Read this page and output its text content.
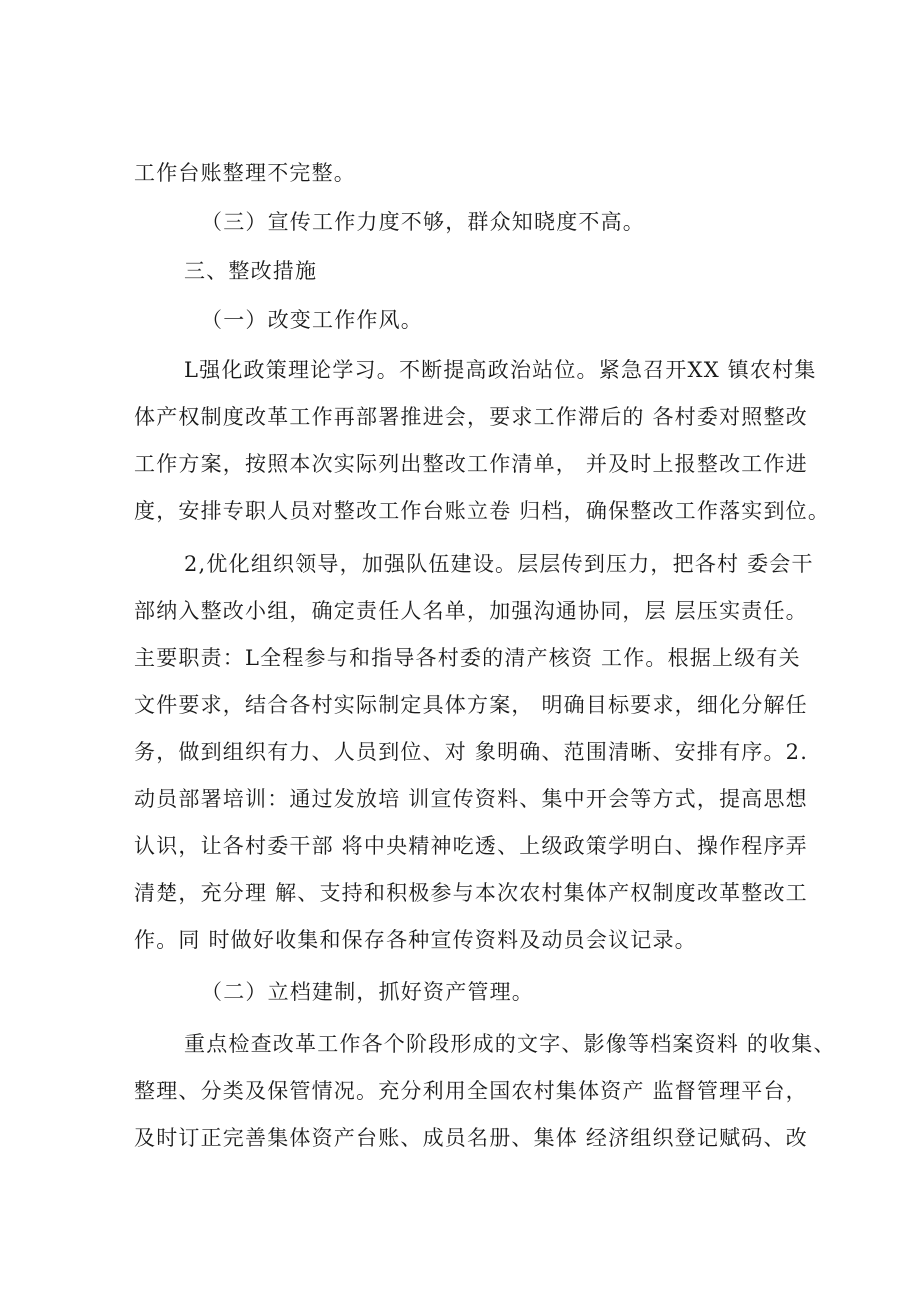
工作台账整理不完整。
（三）宣传工作力度不够，群众知晓度不高。
三、整改措施
（一）改变工作作风。
L强化政策理论学习。不断提高政治站位。紧急召开XX 镇农村集
体产权制度改革工作再部署推进会，要求工作滞后的 各村委对照整改
工作方案，按照本次实际列出整改工作清单， 并及时上报整改工作进
度，安排专职人员对整改工作台账立卷 归档，确保整改工作落实到位。
2,优化组织领导，加强队伍建设。层层传到压力，把各村 委会干
部纳入整改小组，确定责任人名单，加强沟通协同，层 层压实责任。
主要职责：L全程参与和指导各村委的清产核资 工作。根据上级有关
文件要求，结合各村实际制定具体方案， 明确目标要求，细化分解任
务，做到组织有力、人员到位、对 象明确、范围清晰、安排有序。2.
动员部署培训：通过发放培 训宣传资料、集中开会等方式，提高思想
认识，让各村委干部 将中央精神吃透、上级政策学明白、操作程序弄
清楚，充分理 解、支持和积极参与本次农村集体产权制度改革整改工
作。同 时做好收集和保存各种宣传资料及动员会议记录。
（二）立档建制，抓好资产管理。
重点检查改革工作各个阶段形成的文字、影像等档案资料 的收集、
整理、分类及保管情况。充分利用全国农村集体资产 监督管理平台，
及时订正完善集体资产台账、成员名册、集体 经济组织登记赋码、改
